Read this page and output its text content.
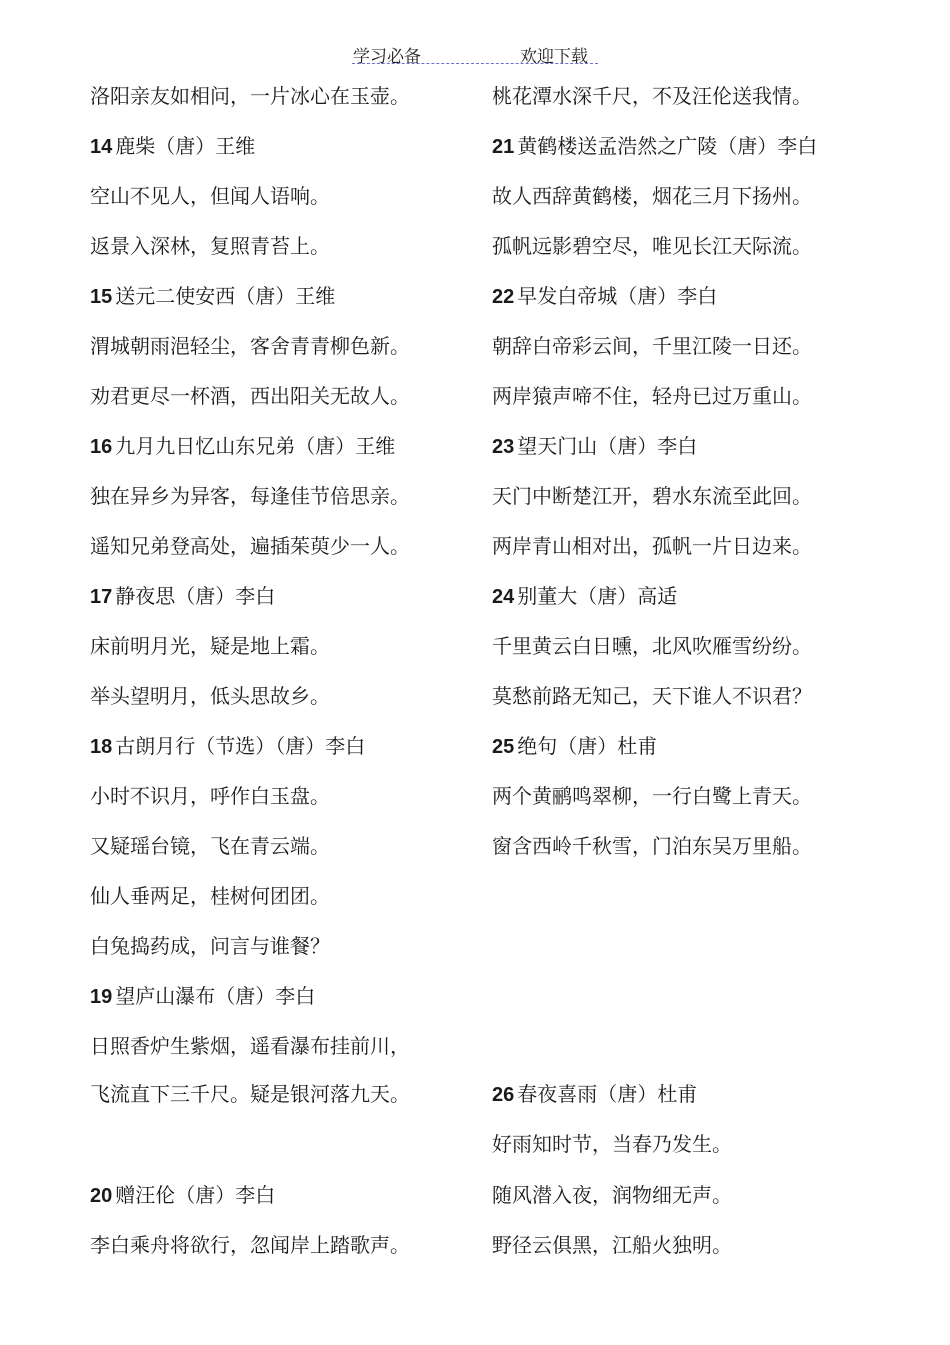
学习必备	欢迎下载
洛阳亲友如相问，一片冰心在玉壶。
14 鹿柴（唐）王维
空山不见人，但闻人语响。
返景入深林，复照青苔上。
15 送元二使安西（唐）王维
渭城朝雨浥轻尘，客舍青青柳色新。
劝君更尽一杯酒，西出阳关无故人。
16 九月九日忆山东兄弟（唐）王维
独在异乡为异客，每逢佳节倍思亲。
遥知兄弟登高处，遍插茱萸少一人。
17 静夜思（唐）李白
床前明月光，疑是地上霜。
举头望明月，低头思故乡。
18 古朗月行（节选）（唐）李白
小时不识月，呼作白玉盘。
又疑瑶台镜，飞在青云端。
仙人垂两足，桂树何团团。
白兔捣药成，问言与谁餐？
19 望庐山瀑布（唐）李白
日照香炉生紫烟，遥看瀑布挂前川，
飞流直下三千尺。疑是银河落九天。
20 赠汪伦（唐）李白
李白乘舟将欲行，忽闻岸上踏歌声。
桃花潭水深千尺，不及汪伦送我情。
21 黄鹤楼送孟浩然之广陵（唐）李白
故人西辞黄鹤楼，烟花三月下扬州。
孤帆远影碧空尽，唯见长江天际流。
22 早发白帝城（唐）李白
朝辞白帝彩云间，千里江陵一日还。
两岸猿声啼不住，轻舟已过万重山。
23 望天门山（唐）李白
天门中断楚江开，碧水东流至此回。
两岸青山相对出，孤帆一片日边来。
24 别董大（唐）高适
千里黄云白日曛，北风吹雁雪纷纷。
莫愁前路无知己，天下谁人不识君？
25 绝句（唐）杜甫
两个黄鹂鸣翠柳，一行白鹭上青天。
窗含西岭千秋雪，门泊东吴万里船。
26 春夜喜雨（唐）杜甫
好雨知时节，当春乃发生。
随风潜入夜，润物细无声。
野径云俱黑，江船火独明。
